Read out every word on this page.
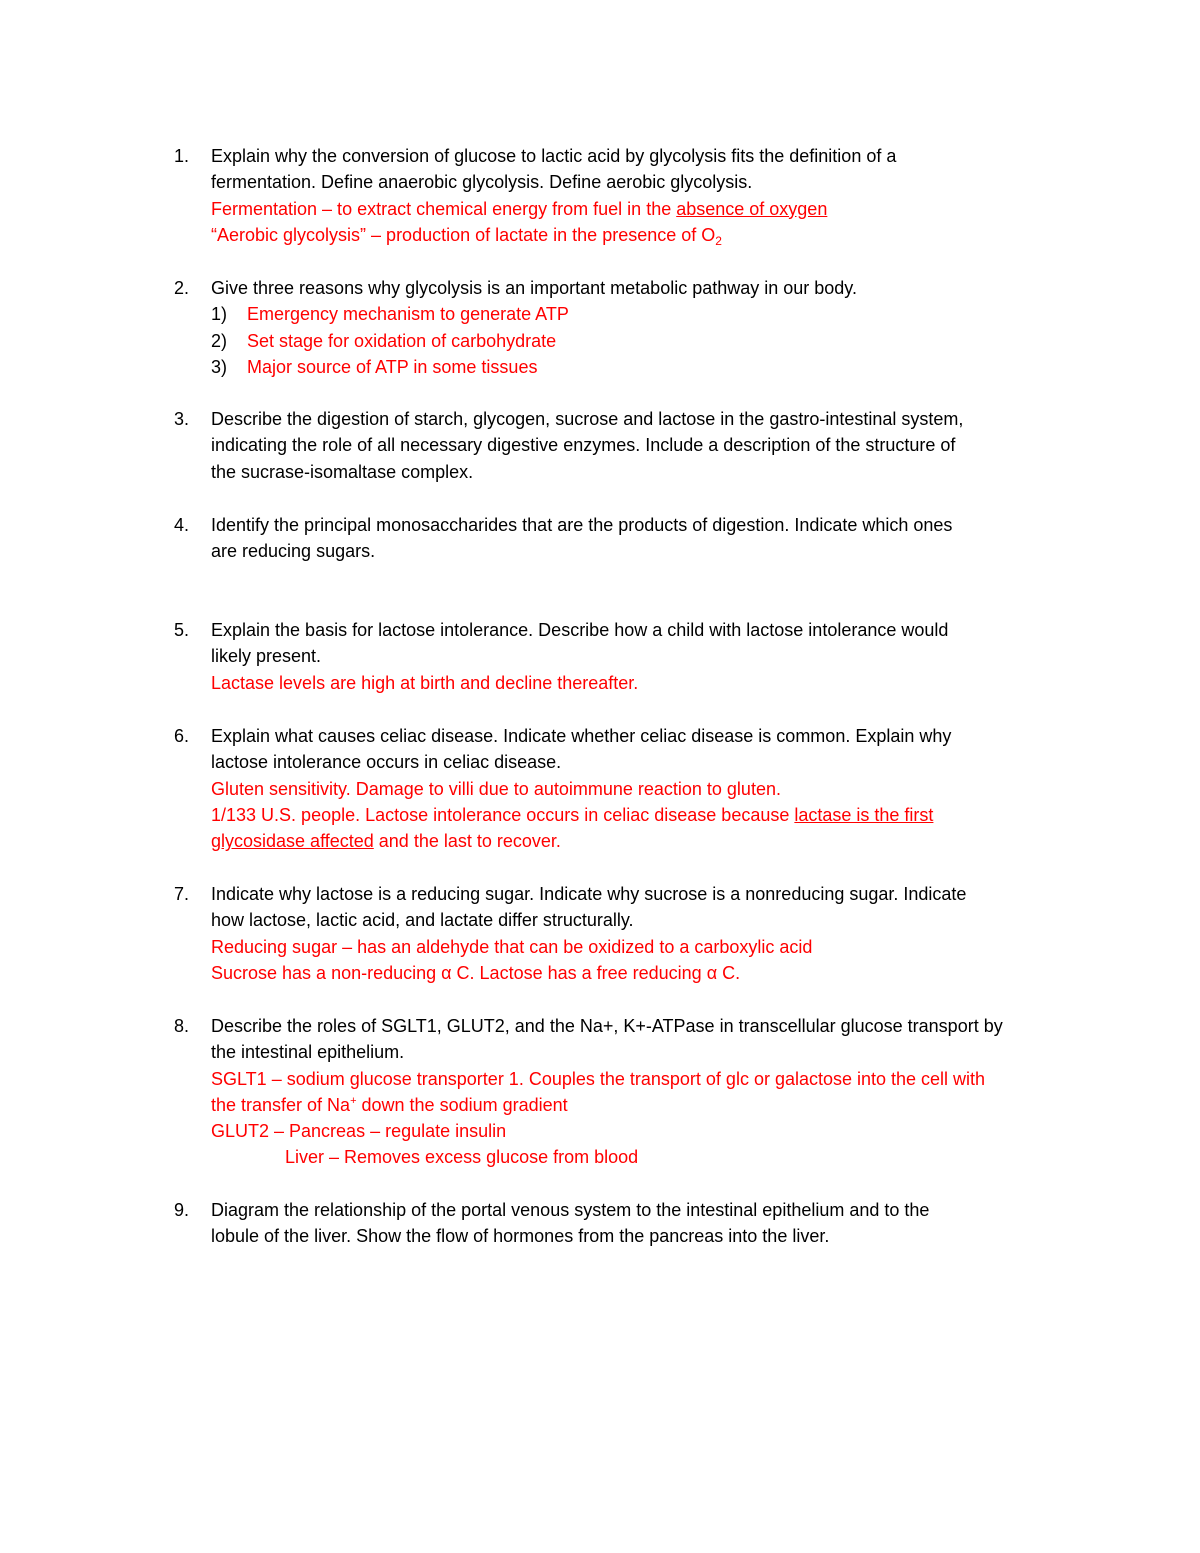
1.	Explain why the conversion of glucose to lactic acid by glycolysis fits the definition of a
fermentation. Define anaerobic glycolysis. Define aerobic glycolysis.
Fermentation – to extract chemical energy from fuel in the absence of oxygen
“Aerobic glycolysis” – production of lactate in the presence of $O_2$
2.	Give three reasons why glycolysis is an important metabolic pathway in our body.
1) Emergency mechanism to generate ATP
2) Set stage for oxidation of carbohydrate
3) Major source of ATP in some tissues
3.	Describe the digestion of starch, glycogen, sucrose and lactose in the gastro-intestinal system,
indicating the role of all necessary digestive enzymes. Include a description of the structure of
the sucrase-isomaltase complex.
4.	Identify the principal monosaccharides that are the products of digestion. Indicate which ones
are reducing sugars.
5.	Explain the basis for lactose intolerance. Describe how a child with lactose intolerance would
likely present.
Lactase levels are high at birth and decline thereafter.
6.	Explain what causes celiac disease. Indicate whether celiac disease is common. Explain why
lactose intolerance occurs in celiac disease.
Gluten sensitivity. Damage to villi due to autoimmune reaction to gluten.
1/133 U.S. people. Lactose intolerance occurs in celiac disease because lactase is the first
glycosidase affected and the last to recover.
7.	Indicate why lactose is a reducing sugar. Indicate why sucrose is a nonreducing sugar. Indicate
how lactose, lactic acid, and lactate differ structurally.
Reducing sugar – has an aldehyde that can be oxidized to a carboxylic acid
Sucrose has a non-reducing α C. Lactose has a free reducing α C.
8.	Describe the roles of SGLT1, GLUT2, and the Na+, K+-ATPase in transcellular glucose transport by
the intestinal epithelium.
SGLT1 – sodium glucose transporter 1. Couples the transport of glc or galactose into the cell with
the transfer of Na+ down the sodium gradient
GLUT2 – Pancreas – regulate insulin
Liver – Removes excess glucose from blood
9.	Diagram the relationship of the portal venous system to the intestinal epithelium and to the
lobule of the liver. Show the flow of hormones from the pancreas into the liver.
